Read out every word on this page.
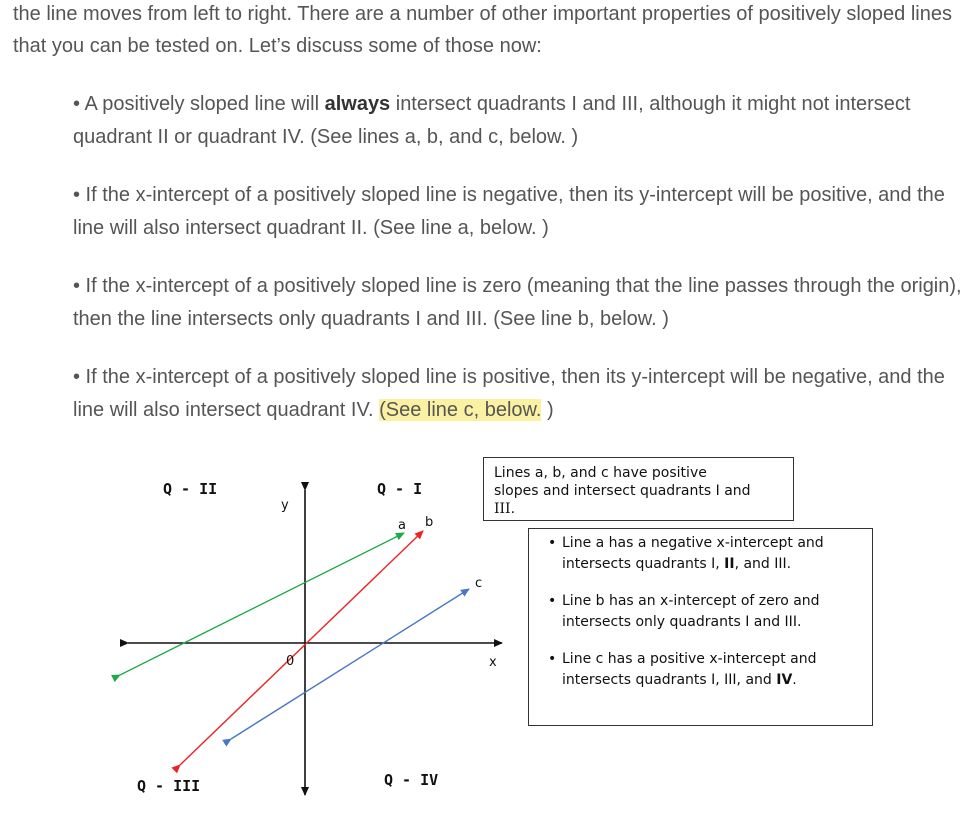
the line moves from left to right. There are a number of other important properties of positively sloped lines that you can be tested on. Let’s discuss some of those now:

• A positively sloped line will always intersect quadrants I and III, although it might not intersect quadrant II or quadrant IV. (See lines a, b, and c, below. )

• If the x-intercept of a positively sloped line is negative, then its y-intercept will be positive, and the line will also intersect quadrant II. (See line a, below. )

• If the x-intercept of a positively sloped line is zero (meaning that the line passes through the origin), then the line intersects only quadrants I and III. (See line b, below. )

• If the x-intercept of a positively sloped line is positive, then its y-intercept will be negative, and the line will also intersect quadrant IV. (See line c, below. )

Q - II	Q - I
Q - III	Q - IV
y
x
0
a b
c
Lines a, b, and c have positive
slopes and intersect quadrants I and
III.
• Line a has a negative x-intercept and intersects quadrants I, II, and III.
• Line b has an x-intercept of zero and intersects only quadrants I and III.
• Line c has a positive x-intercept and intersects quadrants I, III, and IV.
